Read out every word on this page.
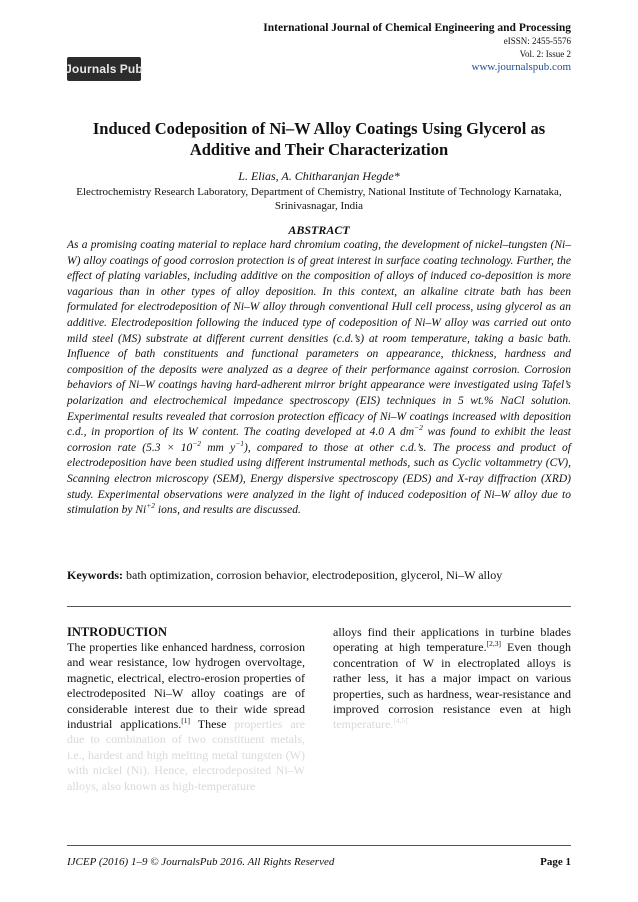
Journals Pub
International Journal of Chemical Engineering and Processing
eISSN: 2455-5576
Vol. 2: Issue 2
www.journalspub.com
Induced Codeposition of Ni–W Alloy Coatings Using Glycerol as
Additive and Their Characterization
L. Elias, A. Chitharanjan Hegde*
Electrochemistry Research Laboratory, Department of Chemistry, National Institute of Technology Karnataka,
Srinivasnagar, India
ABSTRACT

As a promising coating material to replace hard chromium coating, the development of nickel–tungsten (Ni–W) alloy coatings of good corrosion protection is of great interest in surface coating technology. Further, the effect of plating variables, including additive on the composition of alloys of induced co-deposition is more vagarious than in other types of alloy deposition. In this context, an alkaline citrate bath has been formulated for electrodeposition of Ni–W alloy through conventional Hull cell process, using glycerol as an additive. Electrodeposition following the induced type of codeposition of Ni–W alloy was carried out onto mild steel (MS) substrate at different current densities (c.d.’s) at room temperature, taking a basic bath. Influence of bath constituents and functional parameters on appearance, thickness, hardness and composition of the deposits were analyzed as a degree of their performance against corrosion. Corrosion behaviors of Ni–W coatings having hard-adherent mirror bright appearance were investigated using Tafel’s polarization and electrochemical impedance spectroscopy (EIS) techniques in 5 wt.% NaCl solution. Experimental results revealed that corrosion protection efficacy of Ni–W coatings increased with deposition c.d., in proportion of its W content. The coating developed at 4.0 A $dm^{-2}$ was found to exhibit the least corrosion rate ($5.3 \times 10^{-2}$ mm $y^{-1}$), compared to those at other c.d.’s. The process and product of electrodeposition have been studied using different instrumental methods, such as Cyclic voltammetry (CV), Scanning electron microscopy (SEM), Energy dispersive spectroscopy (EDS) and X-ray diffraction (XRD) study. Experimental observations were analyzed in the light of induced codeposition of Ni–W alloy due to stimulation by $Ni^{+2}$ ions, and results are discussed.

Keywords: bath optimization, corrosion behavior, electrodeposition, glycerol, Ni–W alloy
INTRODUCTION

The properties like enhanced hardness, corrosion and wear resistance, low hydrogen overvoltage, magnetic, electrical, electro-erosion properties of electrodeposited Ni–W alloy coatings are of considerable interest due to their wide spread industrial applications.[1] These properties are due to combination of two constituent metals, i.e., hardest and high melting metal tungsten (W) with nickel (Ni). Hence, electrodeposited Ni–W alloys, also known as high-temperature

alloys find their applications in turbine blades operating at high temperature.[2,3] Even though concentration of W in electroplated alloys is rather less, it has a major impact on various properties, such as hardness, wear-resistance and improved corrosion resistance even at high temperature.[4,5]

IJCEP (2016) 1–9 © JournalsPub 2016. All Rights Reserved	Page 1
